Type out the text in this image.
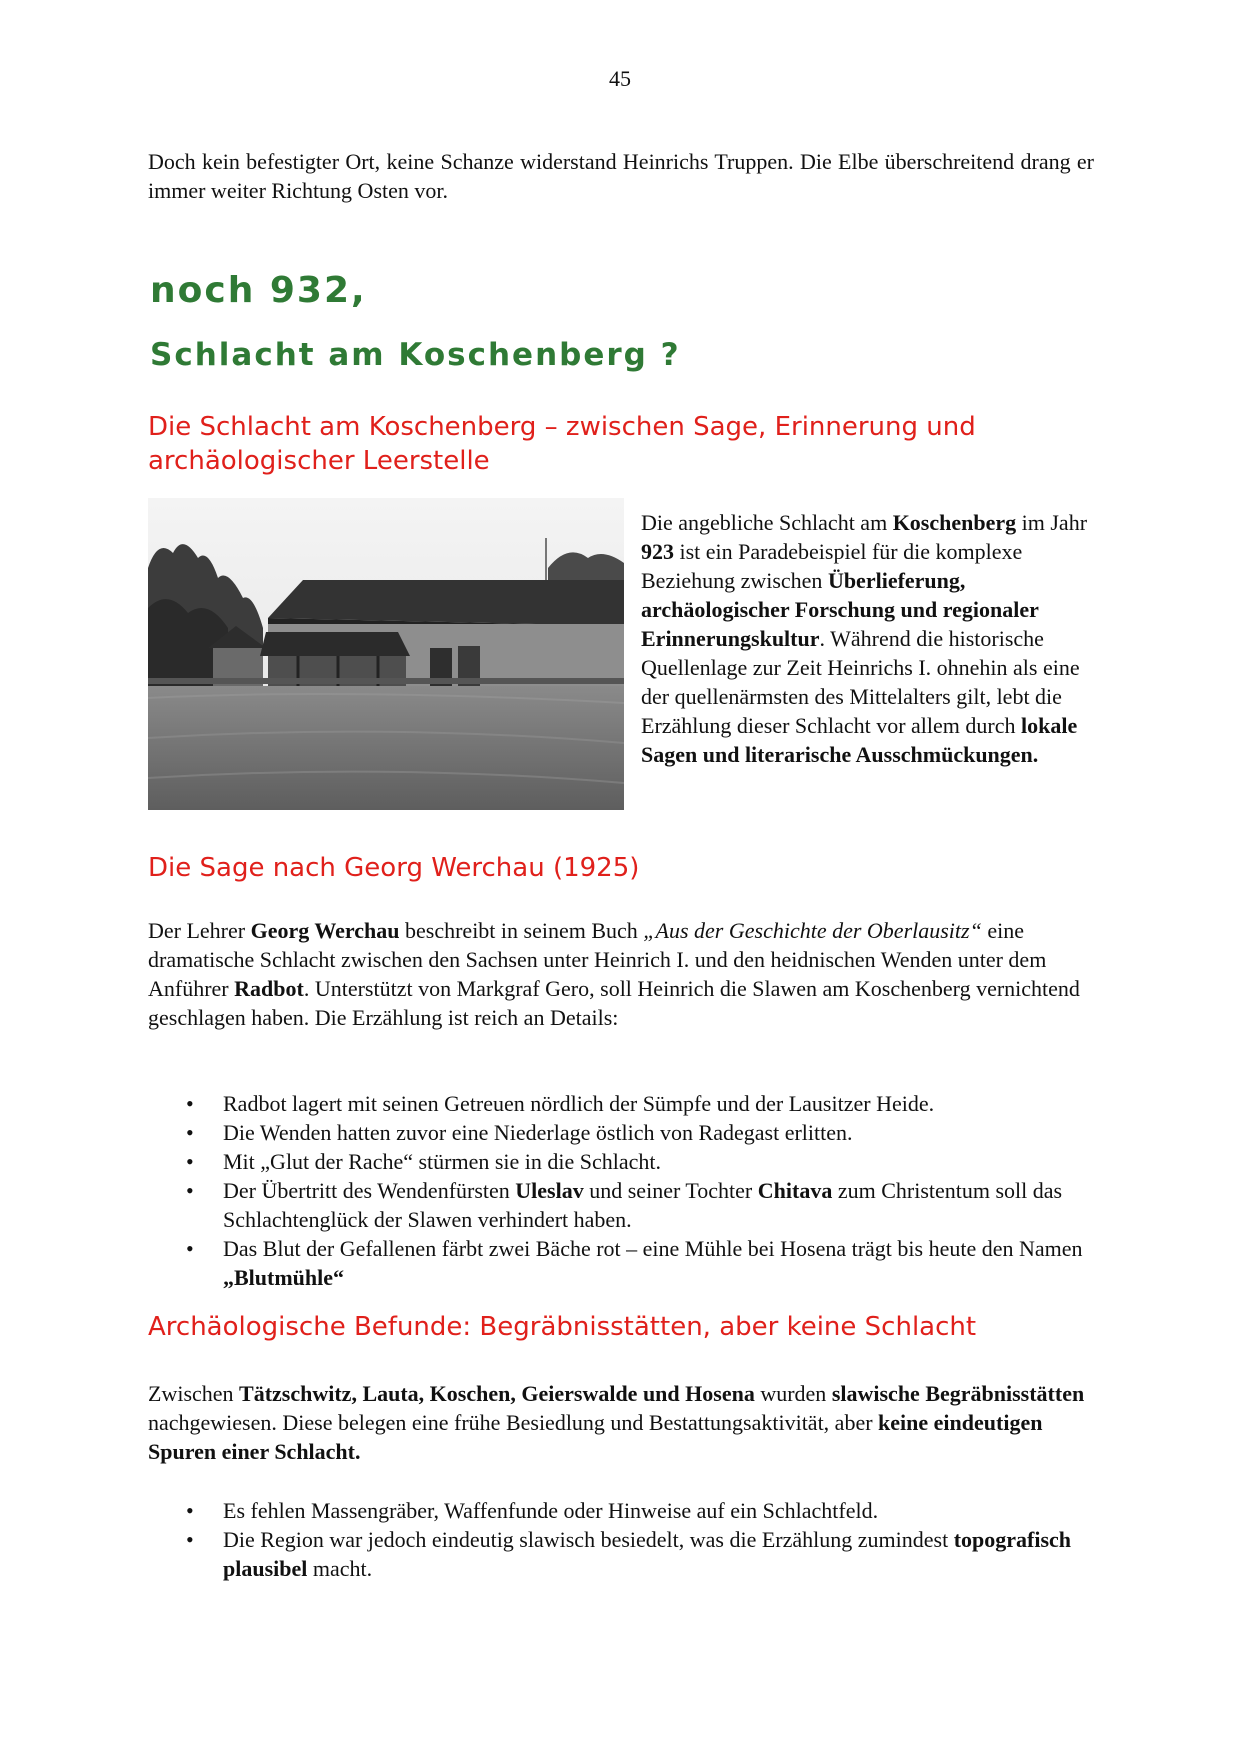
45

Doch kein befestigter Ort, keine Schanze widerstand Heinrichs Truppen. Die Elbe überschreitend drang er immer weiter Richtung Osten vor.

noch 932,
Schlacht am Koschenberg ?
Die Schlacht am Koschenberg – zwischen Sage, Erinnerung und archäologischer Leerstelle

Die angebliche Schlacht am Koschenberg im Jahr 923 ist ein Paradebeispiel für die komplexe Beziehung zwischen Überlieferung, archäologischer Forschung und regionaler Erinnerungskultur. Während die historische Quellenlage zur Zeit Heinrichs I. ohnehin als eine der quellenärmsten des Mittelalters gilt, lebt die Erzählung dieser Schlacht vor allem durch lokale Sagen und literarische Ausschmückungen.

Die Sage nach Georg Werchau (1925)

Der Lehrer Georg Werchau beschreibt in seinem Buch „Aus der Geschichte der Oberlausitz“ eine dramatische Schlacht zwischen den Sachsen unter Heinrich I. und den heidnischen Wenden unter dem Anführer Radbot. Unterstützt von Markgraf Gero, soll Heinrich die Slawen am Koschenberg vernichtend geschlagen haben. Die Erzählung ist reich an Details:

• Radbot lagert mit seinen Getreuen nördlich der Sümpfe und der Lausitzer Heide.
• Die Wenden hatten zuvor eine Niederlage östlich von Radegast erlitten.
• Mit „Glut der Rache“ stürmen sie in die Schlacht.
• Der Übertritt des Wendenfürsten Uleslav und seiner Tochter Chitava zum Christentum soll das Schlachtenglück der Slawen verhindert haben.
• Das Blut der Gefallenen färbt zwei Bäche rot – eine Mühle bei Hosena trägt bis heute den Namen „Blutmühle“
Archäologische Befunde: Begräbnisstätten, aber keine Schlacht

Zwischen Tätzschwitz, Lauta, Koschen, Geierswalde und Hosena wurden slawische Begräbnisstätten nachgewiesen. Diese belegen eine frühe Besiedlung und Bestattungsaktivität, aber keine eindeutigen Spuren einer Schlacht.

• Es fehlen Massengräber, Waffenfunde oder Hinweise auf ein Schlachtfeld.
• Die Region war jedoch eindeutig slawisch besiedelt, was die Erzählung zumindest topografisch plausibel macht.
